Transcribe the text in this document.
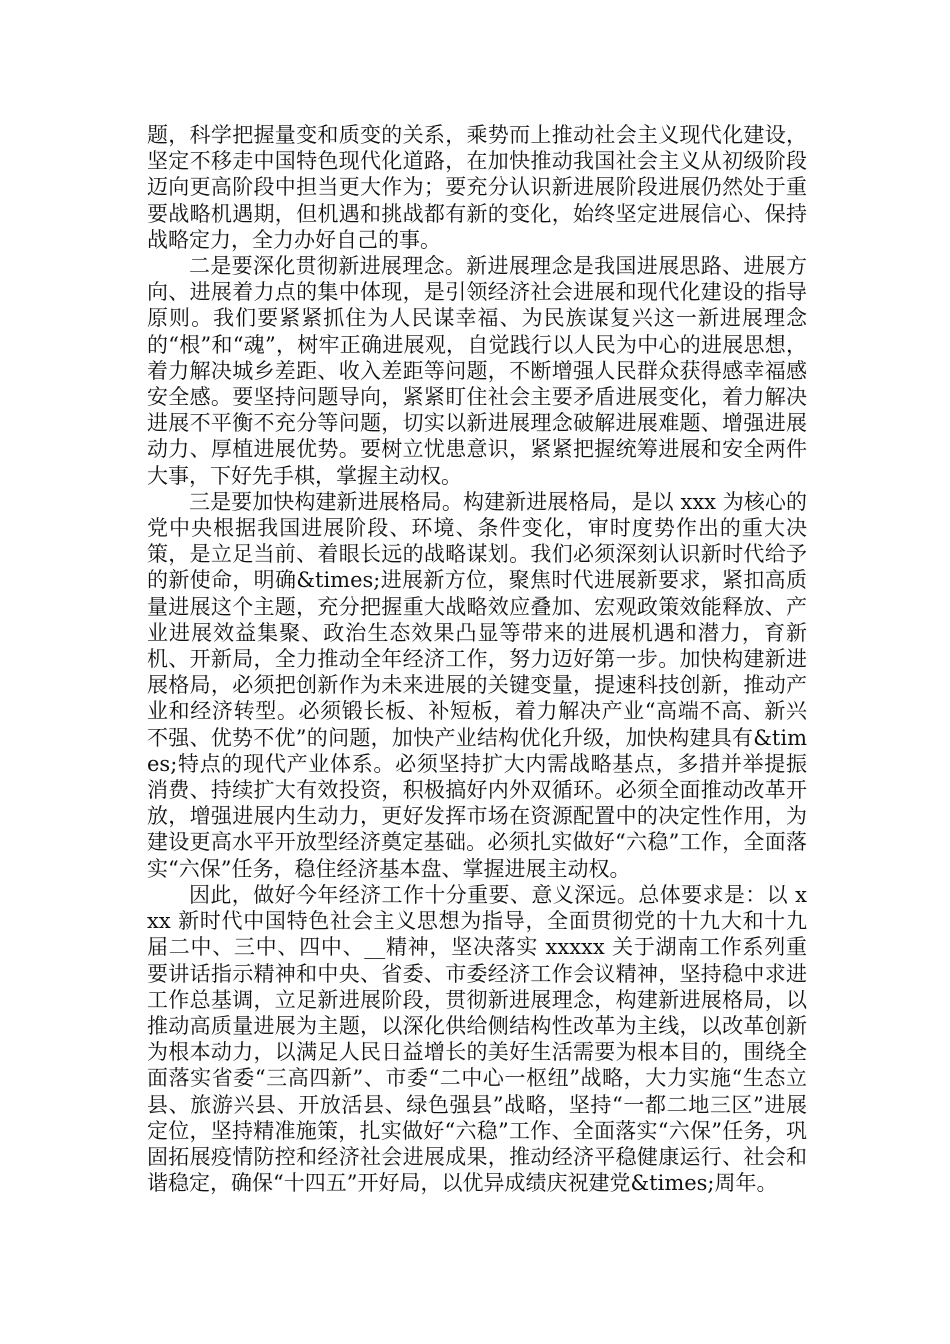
题，科学把握量变和质变的关系，乘势而上推动社会主义现代化建设，坚定不移走中国特色现代化道路，在加快推动我国社会主义从初级阶段迈向更高阶段中担当更大作为；要充分认识新进展阶段进展仍然处于重要战略机遇期，但机遇和挑战都有新的变化，始终坚定进展信心、保持战略定力，全力办好自己的事。

二是要深化贯彻新进展理念。新进展理念是我国进展思路、进展方向、进展着力点的集中体现，是引领经济社会进展和现代化建设的指导原则。我们要紧紧抓住为人民谋幸福、为民族谋复兴这一新进展理念的“根”和“魂”，树牢正确进展观，自觉践行以人民为中心的进展思想，着力解决城乡差距、收入差距等问题，不断增强人民群众获得感幸福感安全感。要坚持问题导向，紧紧盯住社会主要矛盾进展变化，着力解决进展不平衡不充分等问题，切实以新进展理念破解进展难题、增强进展动力、厚植进展优势。要树立忧患意识，紧紧把握统筹进展和安全两件大事，下好先手棋，掌握主动权。

三是要加快构建新进展格局。构建新进展格局，是以 xxx 为核心的党中央根据我国进展阶段、环境、条件变化，审时度势作出的重大决策，是立足当前、着眼长远的战略谋划。我们必须深刻认识新时代给予的新使命，明确&times;进展新方位，聚焦时代进展新要求，紧扣高质量进展这个主题，充分把握重大战略效应叠加、宏观政策效能释放、产业进展效益集聚、政治生态效果凸显等带来的进展机遇和潜力，育新机、开新局，全力推动全年经济工作，努力迈好第一步。加快构建新进展格局，必须把创新作为未来进展的关键变量，提速科技创新，推动产业和经济转型。必须锻长板、补短板，着力解决产业“高端不高、新兴不强、优势不优”的问题，加快产业结构优化升级，加快构建具有&times;特点的现代产业体系。必须坚持扩大内需战略基点，多措并举提振消费、持续扩大有效投资，积极搞好内外双循环。必须全面推动改革开放，增强进展内生动力，更好发挥市场在资源配置中的决定性作用，为建设更高水平开放型经济奠定基础。必须扎实做好“六稳”工作，全面落实“六保”任务，稳住经济基本盘、掌握进展主动权。

因此，做好今年经济工作十分重要、意义深远。总体要求是：以 xxx 新时代中国特色社会主义思想为指导，全面贯彻党的十九大和十九届二中、三中、四中、__精神，坚决落实 xxxxx 关于湖南工作系列重要讲话指示精神和中央、省委、市委经济工作会议精神，坚持稳中求进工作总基调，立足新进展阶段，贯彻新进展理念，构建新进展格局，以推动高质量进展为主题，以深化供给侧结构性改革为主线，以改革创新为根本动力，以满足人民日益增长的美好生活需要为根本目的，围绕全面落实省委“三高四新”、市委“二中心一枢纽”战略，大力实施“生态立县、旅游兴县、开放活县、绿色强县”战略，坚持“一都二地三区”进展定位，坚持精准施策，扎实做好“六稳”工作、全面落实“六保”任务，巩固拓展疫情防控和经济社会进展成果，推动经济平稳健康运行、社会和谐稳定，确保“十四五”开好局，以优异成绩庆祝建党&times;周年。
